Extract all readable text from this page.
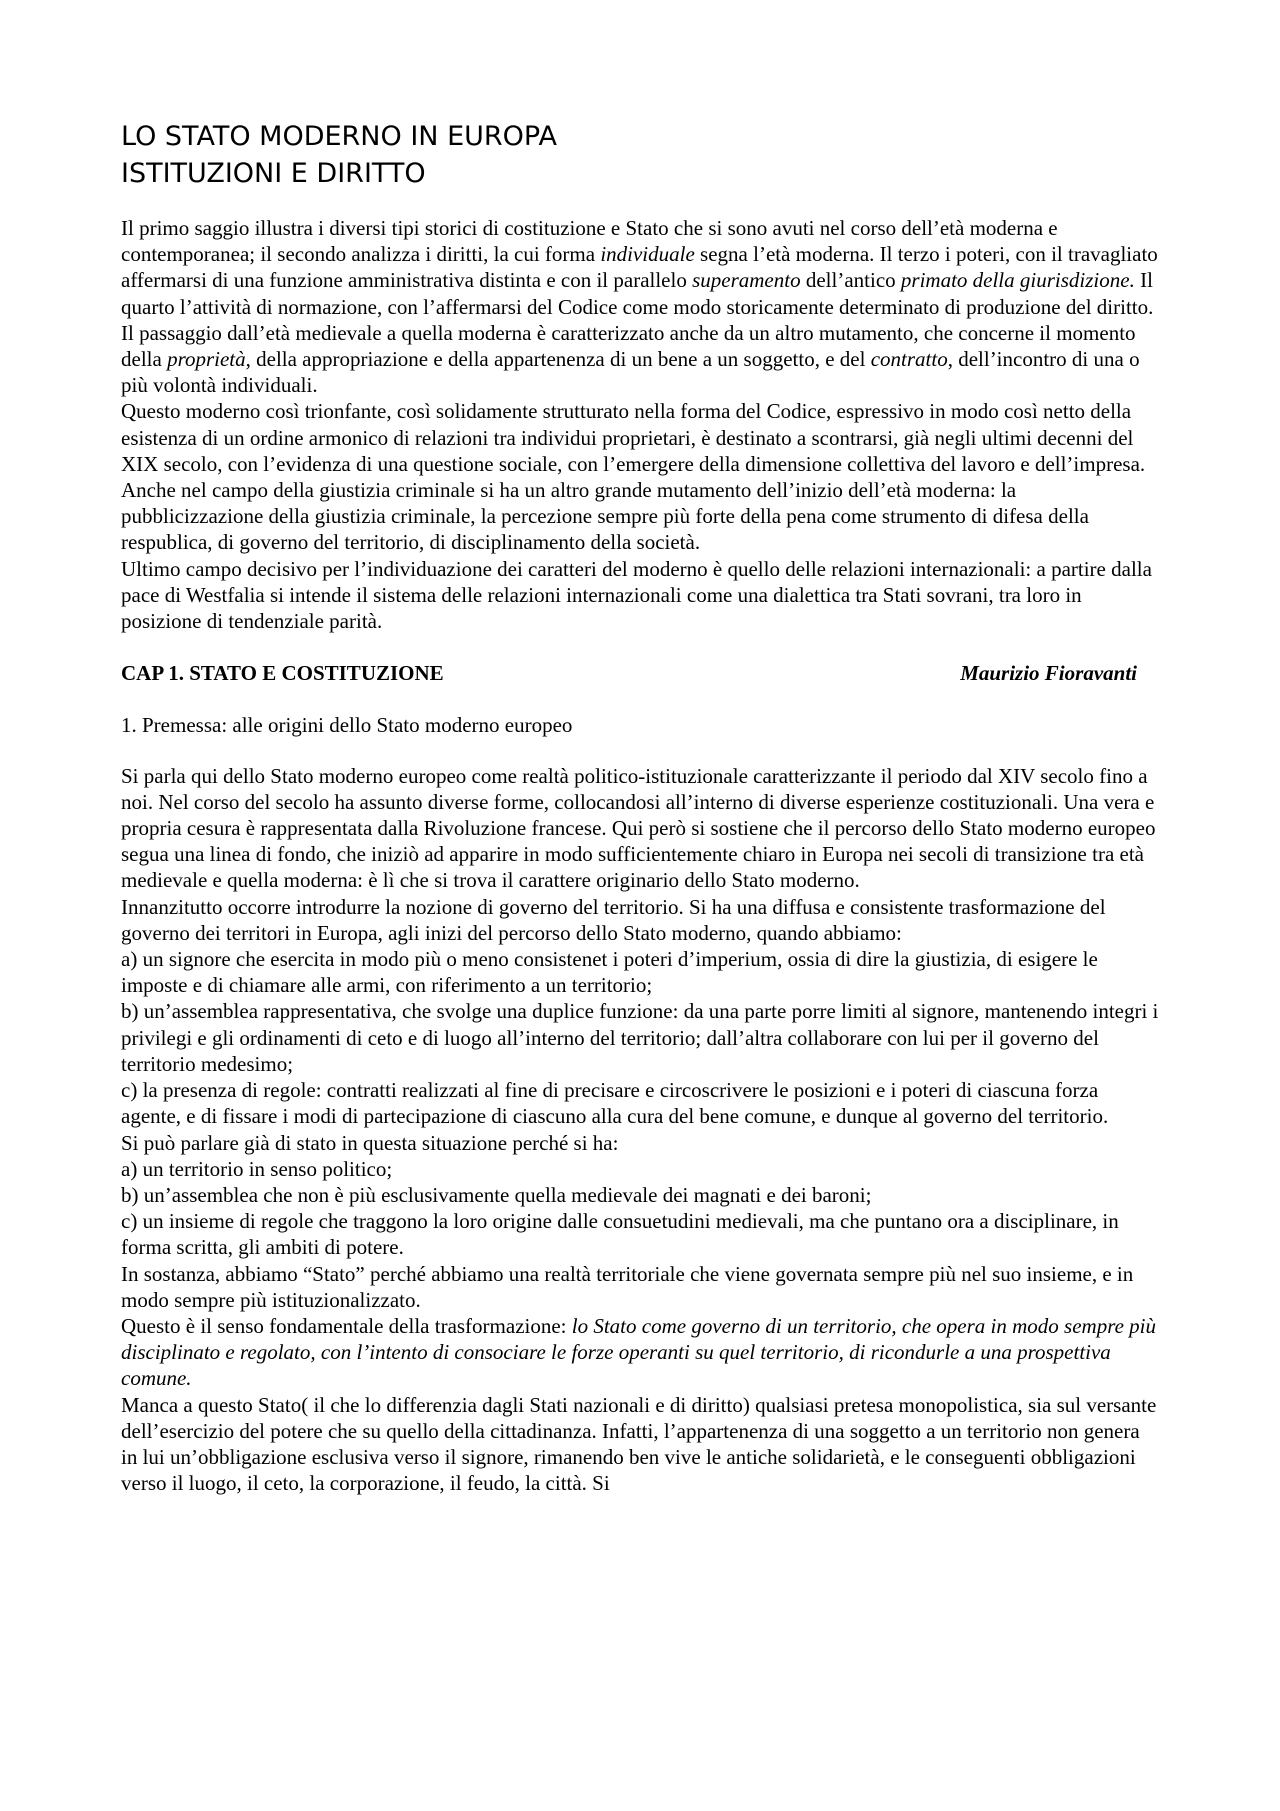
LO STATO MODERNO IN EUROPA
ISTITUZIONI E DIRITTO

Il primo saggio illustra i diversi tipi storici di costituzione e Stato che si sono avuti nel corso dell’età moderna e contemporanea; il secondo analizza i diritti, la cui forma individuale segna l’età moderna. Il terzo i poteri, con il travagliato affermarsi di una funzione amministrativa distinta e con il parallelo superamento dell’antico primato della giurisdizione. Il quarto l’attività di normazione, con l’affermarsi del Codice come modo storicamente determinato di produzione del diritto.

Il passaggio dall’età medievale a quella moderna è caratterizzato anche da un altro mutamento, che concerne il momento della proprietà, della appropriazione e della appartenenza di un bene a un soggetto, e del contratto, dell’incontro di una o più volontà individuali.

Questo moderno così trionfante, così solidamente strutturato nella forma del Codice, espressivo in modo così netto della esistenza di un ordine armonico di relazioni tra individui proprietari, è destinato a scontrarsi, già negli ultimi decenni del XIX secolo, con l’evidenza di una questione sociale, con l’emergere della dimensione collettiva del lavoro e dell’impresa.

Anche nel campo della giustizia criminale si ha un altro grande mutamento dell’inizio dell’età moderna: la pubblicizzazione della giustizia criminale, la percezione sempre più forte della pena come strumento di difesa della respublica, di governo del territorio, di disciplinamento della società.

Ultimo campo decisivo per l’individuazione dei caratteri del moderno è quello delle relazioni internazionali: a partire dalla pace di Westfalia si intende il sistema delle relazioni internazionali come una dialettica tra Stati sovrani, tra loro in posizione di tendenziale parità.

CAP 1. STATO E COSTITUZIONE	Maurizio Fioravanti

1. Premessa: alle origini dello Stato moderno europeo

Si parla qui dello Stato moderno europeo come realtà politico-istituzionale caratterizzante il periodo dal XIV secolo fino a noi. Nel corso del secolo ha assunto diverse forme, collocandosi all’interno di diverse esperienze costituzionali. Una vera e propria cesura è rappresentata dalla Rivoluzione francese. Qui però si sostiene che il percorso dello Stato moderno europeo segua una linea di fondo, che iniziò ad apparire in modo sufficientemente chiaro in Europa nei secoli di transizione tra età medievale e quella moderna: è lì che si trova il carattere originario dello Stato moderno.

Innanzitutto occorre introdurre la nozione di governo del territorio. Si ha una diffusa e consistente trasformazione del governo dei territori in Europa, agli inizi del percorso dello Stato moderno, quando abbiamo:

a) un signore che esercita in modo più o meno consistenet i poteri d’imperium, ossia di dire la giustizia, di esigere le imposte e di chiamare alle armi, con riferimento a un territorio;

b) un’assemblea rappresentativa, che svolge una duplice funzione: da una parte porre limiti al signore, mantenendo integri i privilegi e gli ordinamenti di ceto e di luogo all’interno del territorio; dall’altra collaborare con lui per il governo del territorio medesimo;

c) la presenza di regole: contratti realizzati al fine di precisare e circoscrivere le posizioni e i poteri di ciascuna forza agente, e di fissare i modi di partecipazione di ciascuno alla cura del bene comune, e dunque al governo del territorio.

Si può parlare già di stato in questa situazione perché si ha:

a) un territorio in senso politico;

b) un’assemblea che non è più esclusivamente quella medievale dei magnati e dei baroni;

c) un insieme di regole che traggono la loro origine dalle consuetudini medievali, ma che puntano ora a disciplinare, in forma scritta, gli ambiti di potere.

In sostanza, abbiamo “Stato” perché abbiamo una realtà territoriale che viene governata sempre più nel suo insieme, e in modo sempre più istituzionalizzato.

Questo è il senso fondamentale della trasformazione: lo Stato come governo di un territorio, che opera in modo sempre più disciplinato e regolato, con l’intento di consociare le forze operanti su quel territorio, di ricondurle a una prospettiva comune.

Manca a questo Stato( il che lo differenzia dagli Stati nazionali e di diritto) qualsiasi pretesa monopolistica, sia sul versante dell’esercizio del potere che su quello della cittadinanza. Infatti, l’appartenenza di una soggetto a un territorio non genera in lui un’obbligazione esclusiva verso il signore, rimanendo ben vive le antiche solidarietà, e le conseguenti obbligazioni verso il luogo, il ceto, la corporazione, il feudo, la città. Si
